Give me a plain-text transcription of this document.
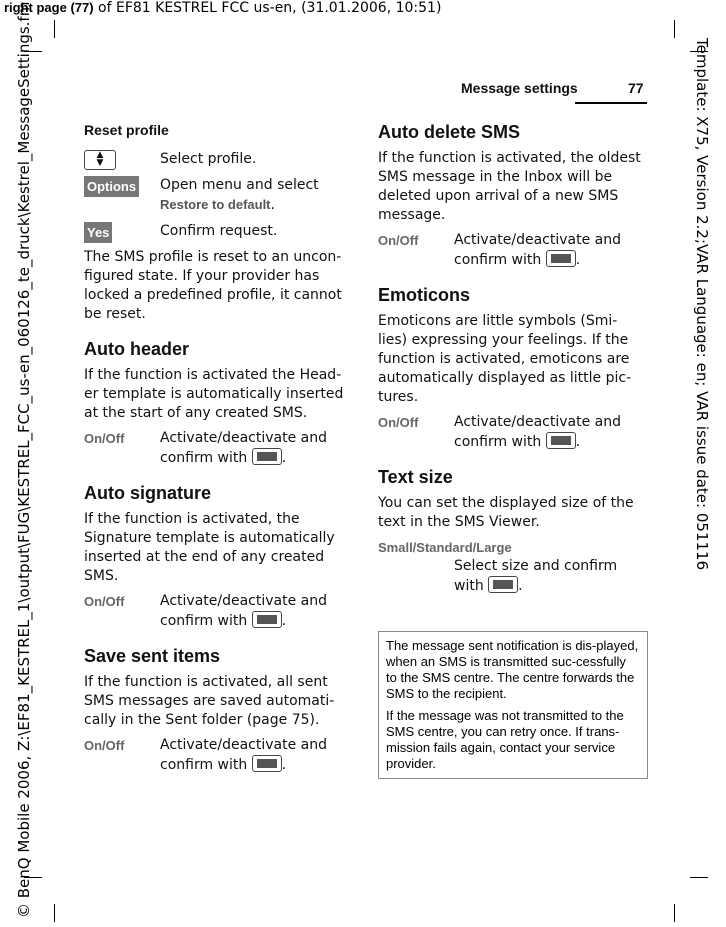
right page (77) of EF81 KESTREL FCC us-en, (31.01.2006, 10:51)
© BenQ Mobile 2006, Z:\EF81_KESTREL_1\output\FUG\KESTREL_FCC_us-en_060126_te_druck\Kestrel_MessageSettings.fm	Template: X75, Version 2.2;VAR Language: en; VAR issue date: 051116
Message settings	77
Reset profile
▲
▼	Select profile.
Options Open menu and select
Restore to default.
Yes	Confirm request.

The SMS profile is reset to an uncon-figured state. If your provider has locked a predefined profile, it cannot be reset.

Auto header

If the function is activated the Head-er template is automatically inserted at the start of any created SMS.

On/Off	Activate/deactivate and confirm with .
Auto signature

If the function is activated, the Signature template is automatically inserted at the end of any created SMS.

On/Off	Activate/deactivate and confirm with .
Save sent items

If the function is activated, all sent SMS messages are saved automati-cally in the Sent folder (page 75).

On/Off	Activate/deactivate and confirm with .
Auto delete SMS

If the function is activated, the oldest SMS message in the Inbox will be deleted upon arrival of a new SMS message.

On/Off	Activate/deactivate and confirm with .
Emoticons

Emoticons are little symbols (Smi-lies) expressing your feelings. If the function is activated, emoticons are automatically displayed as little pic-tures.

On/Off	Activate/deactivate and confirm with .
Text size

You can set the displayed size of the text in the SMS Viewer.

Small/Standard/Large
Select size and confirm with .

The message sent notification is dis-played, when an SMS is transmitted suc-cessfully to the SMS centre. The centre forwards the SMS to the recipient.

If the message was not transmitted to the SMS centre, you can retry once. If trans-mission fails again, contact your service provider.
